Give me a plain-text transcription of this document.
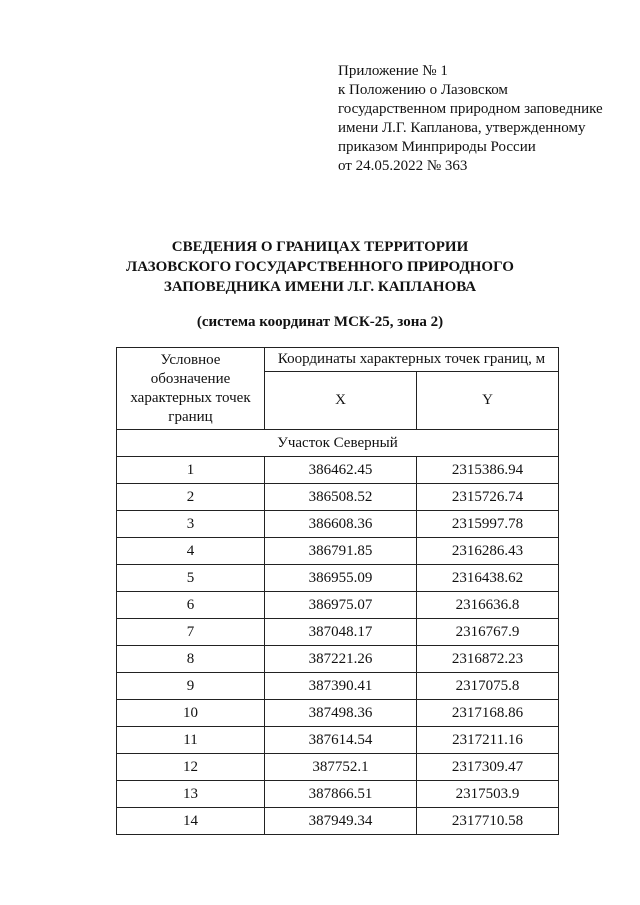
Приложение № 1
к Положению о Лазовском
государственном природном заповеднике
имени Л.Г. Капланова, утвержденному
приказом Минприроды России
от 24.05.2022 № 363
СВЕДЕНИЯ О ГРАНИЦАХ ТЕРРИТОРИИ
ЛАЗОВСКОГО ГОСУДАРСТВЕННОГО ПРИРОДНОГО
ЗАПОВЕДНИКА ИМЕНИ Л.Г. КАПЛАНОВА
(система координат МСК-25, зона 2)
Условное
обозначение
характерных точек
границ	Координаты характерных точек границ, м	
	X	Y
Участок Северный		
1	386462.45	2315386.94
2	386508.52	2315726.74
3	386608.36	2315997.78
4	386791.85	2316286.43
5	386955.09	2316438.62
6	386975.07	2316636.8
7	387048.17	2316767.9
8	387221.26	2316872.23
9	387390.41	2317075.8
10	387498.36	2317168.86
11	387614.54	2317211.16
12	387752.1	2317309.47
13	387866.51	2317503.9
14	387949.34	2317710.58
